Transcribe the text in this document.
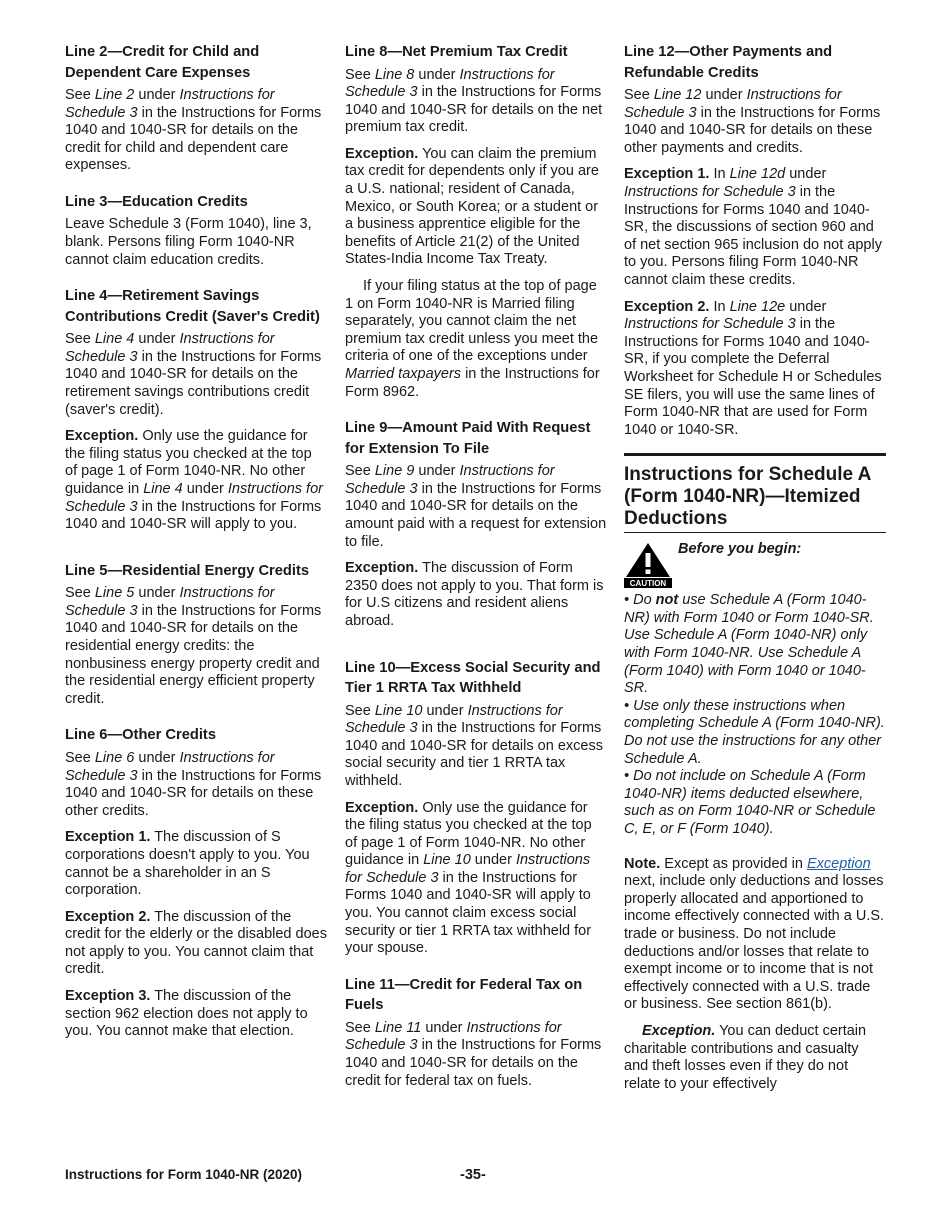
Line 2—Credit for Child and Dependent Care Expenses

See Line 2 under Instructions for Schedule 3 in the Instructions for Forms 1040 and 1040-SR for details on the credit for child and dependent care expenses.

Line 3—Education Credits

Leave Schedule 3 (Form 1040), line 3, blank. Persons filing Form 1040-NR cannot claim education credits.

Line 4—Retirement Savings Contributions Credit (Saver's Credit)

See Line 4 under Instructions for Schedule 3 in the Instructions for Forms 1040 and 1040-SR for details on the retirement savings contributions credit (saver's credit).

Exception. Only use the guidance for the filing status you checked at the top of page 1 of Form 1040-NR. No other guidance in Line 4 under Instructions for Schedule 3 in the Instructions for Forms 1040 and 1040-SR will apply to you.

Line 5—Residential Energy Credits

See Line 5 under Instructions for Schedule 3 in the Instructions for Forms 1040 and 1040-SR for details on the residential energy credits: the nonbusiness energy property credit and the residential energy efficient property credit.

Line 6—Other Credits

See Line 6 under Instructions for Schedule 3 in the Instructions for Forms 1040 and 1040-SR for details on these other credits.

Exception 1. The discussion of S corporations doesn't apply to you. You cannot be a shareholder in an S corporation.

Exception 2. The discussion of the credit for the elderly or the disabled does not apply to you. You cannot claim that credit.

Exception 3. The discussion of the section 962 election does not apply to you. You cannot make that election.

Line 8—Net Premium Tax Credit

See Line 8 under Instructions for Schedule 3 in the Instructions for Forms 1040 and 1040-SR for details on the net premium tax credit.

Exception. You can claim the premium tax credit for dependents only if you are a U.S. national; resident of Canada, Mexico, or South Korea; or a student or a business apprentice eligible for the benefits of Article 21(2) of the United States-India Income Tax Treaty.

If your filing status at the top of page 1 on Form 1040-NR is Married filing separately, you cannot claim the net premium tax credit unless you meet the criteria of one of the exceptions under Married taxpayers in the Instructions for Form 8962.

Line 9—Amount Paid With Request for Extension To File

See Line 9 under Instructions for Schedule 3 in the Instructions for Forms 1040 and 1040-SR for details on the amount paid with a request for extension to file.

Exception. The discussion of Form 2350 does not apply to you. That form is for U.S citizens and resident aliens abroad.

Line 10—Excess Social Security and Tier 1 RRTA Tax Withheld

See Line 10 under Instructions for Schedule 3 in the Instructions for Forms 1040 and 1040-SR for details on excess social security and tier 1 RRTA tax withheld.

Exception. Only use the guidance for the filing status you checked at the top of page 1 of Form 1040-NR. No other guidance in Line 10 under Instructions for Schedule 3 in the Instructions for Forms 1040 and 1040-SR will apply to you. You cannot claim excess social security or tier 1 RRTA tax withheld for your spouse.

Line 11—Credit for Federal Tax on Fuels

See Line 11 under Instructions for Schedule 3 in the Instructions for Forms 1040 and 1040-SR for details on the credit for federal tax on fuels.

Line 12—Other Payments and Refundable Credits

See Line 12 under Instructions for Schedule 3 in the Instructions for Forms 1040 and 1040-SR for details on these other payments and credits.

Exception 1. In Line 12d under Instructions for Schedule 3 in the Instructions for Forms 1040 and 1040-SR, the discussions of section 960 and of net section 965 inclusion do not apply to you. Persons filing Form 1040-NR cannot claim these credits.

Exception 2. In Line 12e under Instructions for Schedule 3 in the Instructions for Forms 1040 and 1040-SR, if you complete the Deferral Worksheet for Schedule H or Schedules SE filers, you will use the same lines of Form 1040-NR that are used for Form 1040 or 1040-SR.

Instructions for Schedule A (Form 1040-NR)—Itemized Deductions
CAUTION
Before you begin:

• Do not use Schedule A (Form 1040-NR) with Form 1040 or Form 1040-SR. Use Schedule A (Form 1040-NR) only with Form 1040-NR. Use Schedule A (Form 1040) with Form 1040 or 1040-SR.

• Use only these instructions when completing Schedule A (Form 1040-NR). Do not use the instructions for any other Schedule A.

• Do not include on Schedule A (Form 1040-NR) items deducted elsewhere, such as on Form 1040-NR or Schedule C, E, or F (Form 1040).

Note. Except as provided in Exception next, include only deductions and losses properly allocated and apportioned to income effectively connected with a U.S. trade or business. Do not include deductions and/or losses that relate to exempt income or to income that is not effectively connected with a U.S. trade or business. See section 861(b).

Exception. You can deduct certain charitable contributions and casualty and theft losses even if they do not relate to your effectively

Instructions for Form 1040-NR (2020)	-35-
